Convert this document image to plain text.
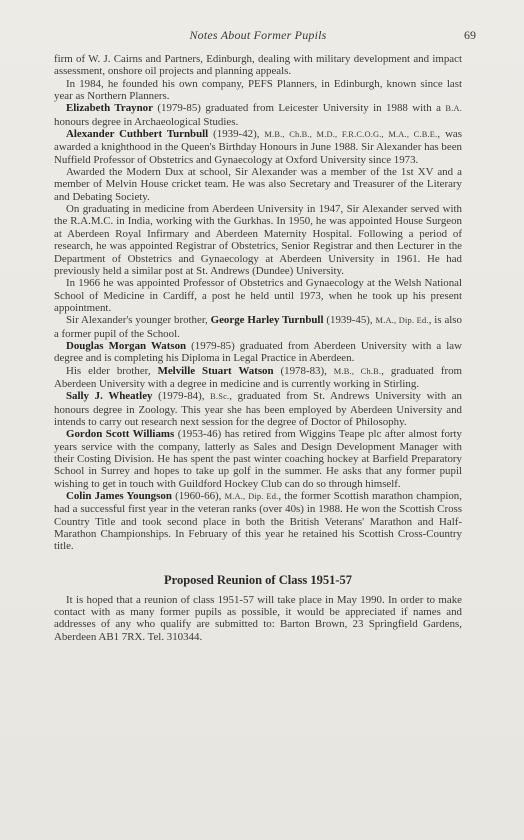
Notes About Former Pupils	69

firm of W. J. Cairns and Partners, Edinburgh, dealing with military development and impact assessment, onshore oil projects and planning appeals.

In 1984, he founded his own company, PEFS Planners, in Edinburgh, known since last year as Northern Planners.

Elizabeth Traynor (1979-85) graduated from Leicester University in 1988 with a B.A. honours degree in Archaeological Studies.

Alexander Cuthbert Turnbull (1939-42), M.B., Ch.B., M.D., F.R.C.O.G., M.A., C.B.E., was awarded a knighthood in the Queen's Birthday Honours in June 1988. Sir Alexander has been Nuffield Professor of Obstetrics and Gynaecology at Oxford University since 1973.

Awarded the Modern Dux at school, Sir Alexander was a member of the 1st XV and a member of Melvin House cricket team. He was also Secretary and Treasurer of the Literary and Debating Society.

On graduating in medicine from Aberdeen University in 1947, Sir Alexander served with the R.A.M.C. in India, working with the Gurkhas. In 1950, he was appointed House Surgeon at Aberdeen Royal Infirmary and Aberdeen Maternity Hospital. Following a period of research, he was appointed Registrar of Obstetrics, Senior Registrar and then Lecturer in the Department of Obstetrics and Gynaecology at Aberdeen University in 1961. He had previously held a similar post at St. Andrews (Dundee) University.

In 1966 he was appointed Professor of Obstetrics and Gynaecology at the Welsh National School of Medicine in Cardiff, a post he held until 1973, when he took up his present appointment.

Sir Alexander's younger brother, George Harley Turnbull (1939-45), M.A., Dip. Ed., is also a former pupil of the School.

Douglas Morgan Watson (1979-85) graduated from Aberdeen University with a law degree and is completing his Diploma in Legal Practice in Aberdeen.

His elder brother, Melville Stuart Watson (1978-83), M.B., Ch.B., graduated from Aberdeen University with a degree in medicine and is currently working in Stirling.

Sally J. Wheatley (1979-84), B.Sc., graduated from St. Andrews University with an honours degree in Zoology. This year she has been employed by Aberdeen University and intends to carry out research next session for the degree of Doctor of Philosophy.

Gordon Scott Williams (1953-46) has retired from Wiggins Teape plc after almost forty years service with the company, latterly as Sales and Design Development Manager with their Costing Division. He has spent the past winter coaching hockey at Barfield Preparatory School in Surrey and hopes to take up golf in the summer. He asks that any former pupil wishing to get in touch with Guildford Hockey Club can do so through himself.

Colin James Youngson (1960-66), M.A., Dip. Ed., the former Scottish marathon champion, had a successful first year in the veteran ranks (over 40s) in 1988. He won the Scottish Cross Country Title and took second place in both the British Veterans' Marathon and Half-Marathon Championships. In February of this year he retained his Scottish Cross-Country title.

Proposed Reunion of Class 1951-57

It is hoped that a reunion of class 1951-57 will take place in May 1990. In order to make contact with as many former pupils as possible, it would be appreciated if names and addresses of any who qualify are submitted to: Barton Brown, 23 Springfield Gardens, Aberdeen AB1 7RX. Tel. 310344.
